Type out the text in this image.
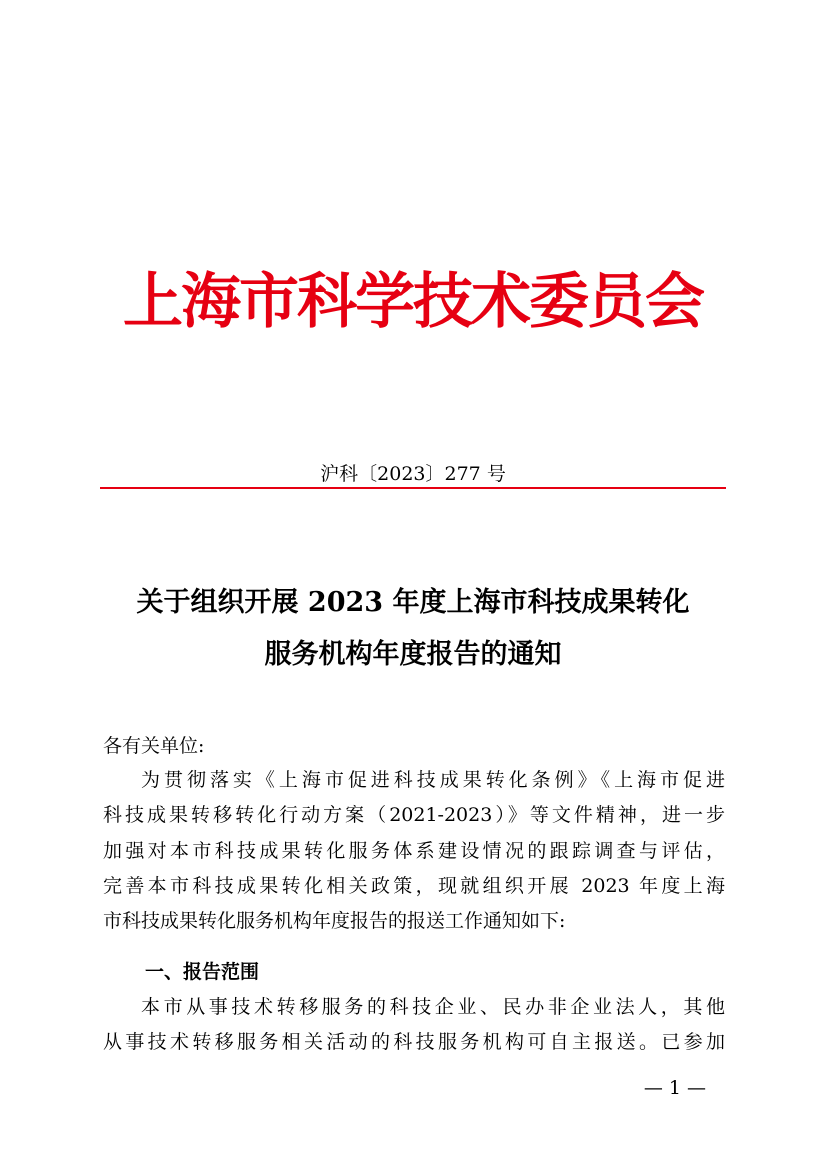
上海市科学技术委员会
沪科〔2023〕277 号
关于组织开展 2023 年度上海市科技成果转化
服务机构年度报告的通知
各有关单位:
为贯彻落实《上海市促进科技成果转化条例》《上海市促进
科技成果转移转化行动方案（2021-2023）》等文件精神，进一步
加强对本市科技成果转化服务体系建设情况的跟踪调查与评估，
完善本市科技成果转化相关政策，现就组织开展 2023 年度上海
市科技成果转化服务机构年度报告的报送工作通知如下:
一、报告范围
本市从事技术转移服务的科技企业、民办非企业法人，其他
从事技术转移服务相关活动的科技服务机构可自主报送。已参加
— 1 —
